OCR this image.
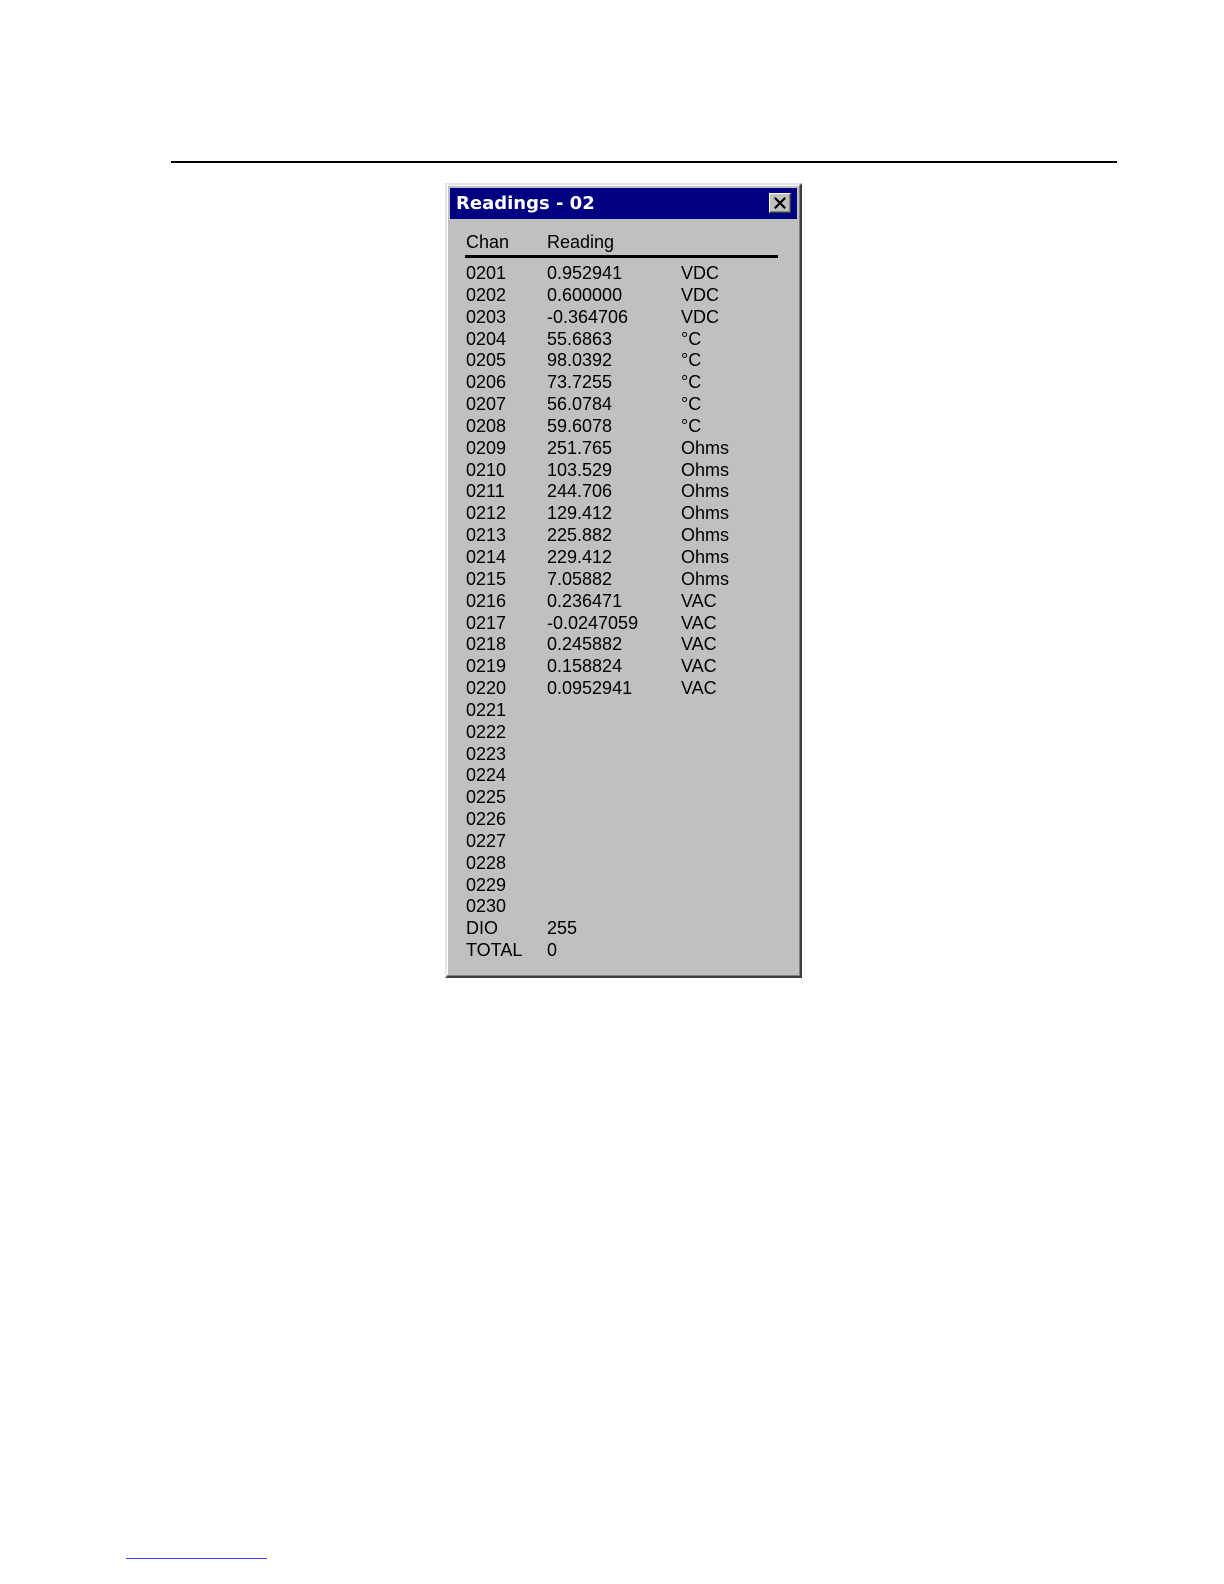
Readings - 02
Chan Reading
0201 0.952941	VDC
0202 0.600000	VDC
0203 -0.364706	VDC
0204 55.6863	°C
0205 98.0392	°C
0206 73.7255	°C
0207 56.0784	°C
0208 59.6078	°C
0209 251.765	Ohms
0210 103.529	Ohms
0211 244.706	Ohms
0212 129.412	Ohms
0213 225.882	Ohms
0214 229.412	Ohms
0215 7.05882	Ohms
0216 0.236471	VAC
0217 -0.0247059 VAC
0218 0.245882	VAC
0219 0.158824	VAC
0220 0.0952941	VAC
0221
0222
0223
0224
0225
0226
0227
0228
0229
0230
DIO	255
TOTAL 0
